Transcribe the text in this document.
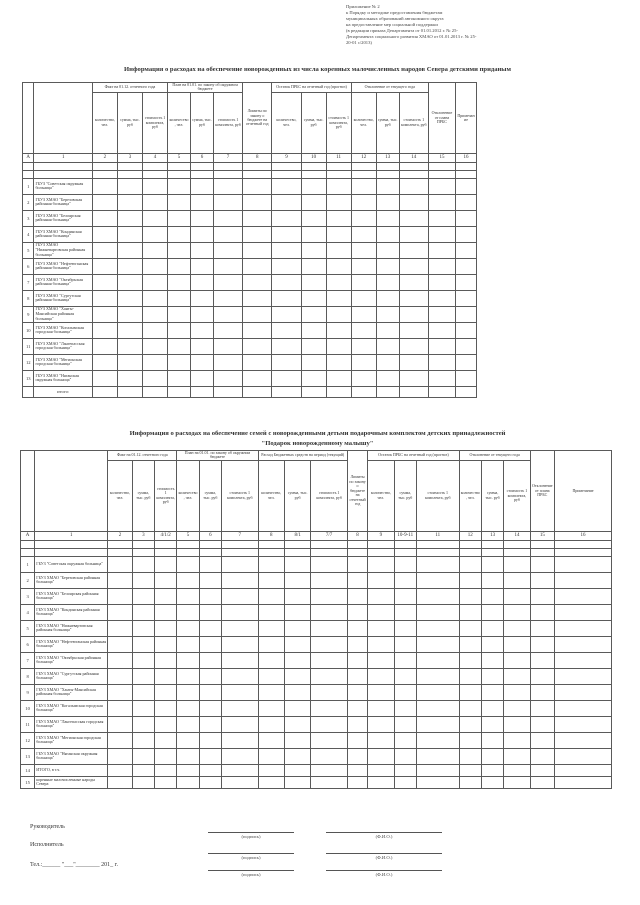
Приложение № 2
к Порядку и методике предоставления бюджетам
муниципальных образований автономного округа
на предоставление мер социальной поддержки
(в редакции приказа Департамента от 01.01.2012 г. № 25-
Департамента социального развития ХМАО от 01.01.2013 г. № 25-
20-01 с/2013)
Информация о расходах на обеспечение новорожденных из числа коренных малочисленных народов Севера детскими приданым
		Факт на 01.12. отчетного года			План на 01.01. по закону об окружном бюджете			Лимиты по закону о бюджете на отчетный год	Остаток ПРБС на отчетный год (прогноз)			Отклонение от текущего года			Отклонение от плана ПРБС	Примечание
		количество, чел.	сумма, тыс. руб	стоимость 1 комплекта, руб	количество, чел.	сумма, тыс. руб	стоимость 1 комплекта, руб		количество, чел.	сумма, тыс. руб	стоимость 1 комплекта, руб	количество, чел.	сумма, тыс. руб	стоимость 1 комплекта, руб		
А	1	2	3	4	5	6	7	8	9	10	11	12	13	14	15	16

1	ГБУЗ "Советская окружная больница"															
2	ГБУЗ ХМАО "Березовская районная больница"															
3	ГБУЗ ХМАО "Белоярская районная больница"															
4	ГБУЗ ХМАО "Кондинская районная больница"															
5	ГБУЗ ХМАО "Нижневартовская районная больница"															
6	ГБУЗ ХМАО "Нефтеюганская районная больница"															
7	ГБУЗ ХМАО "Октябрьская районная больница"															
8	ГБУЗ ХМАО "Сургутская районная больница"															
9	ГБУЗ ХМАО "Ханты-Мансийская районная больница"															
10	ГБУЗ ХМАО "Когалымская городская больница"															
11	ГБУЗ ХМАО "Лангепасская городская больница"															
12	ГБУЗ ХМАО "Мегионская городская больница"															
13	ГБУЗ ХМАО "Няганская окружная больница"															
	итого:															
Информация о расходах на обеспечение семей с новорожденными детьми подарочным комплектом детских принадлежностей
"Подарок новорожденному малышу"
		Факт на 01.12. отчетного года			План на 01.01. по закону об окружном бюджете			Расход Бюджетных средств на период (текущий)			Лимиты по закону о бюджете на отчетный год	Остаток ПРБС на отчетный год (прогноз)			Отклонение от текущего года			Отклонение от плана ПРБС	Примечание
		количество, чел.	сумма, тыс. руб	стоимость 1 комплекта, руб	количество, чел.	сумма, тыс. руб	стоимость 1 комплекта, руб	количество, чел.	сумма, тыс. руб	стоимость 1 комплекта, руб		количество, чел.	сумма, тыс. руб	стоимость 1 комплекта, руб	количество, чел.	сумма, тыс. руб	стоимость 1 комплекта, руб		
А	1	2	3	4/1/2	5	6	7	8	8/1	7/7	8	9	10-9-11	11	12	13	14	15	16

1	ГБУЗ "Советская окружная больница"																		
2	ГБУЗ ХМАО "Березовская районная больница"																		
3	ГБУЗ ХМАО "Белоярская районная больница"																		
4	ГБУЗ ХМАО "Кондинская районная больница"																		
5	ГБУЗ ХМАО "Нижневартовская районная больница"																		
6	ГБУЗ ХМАО "Нефтеюганская районная больница"																		
7	ГБУЗ ХМАО "Октябрьская районная больница"																		
8	ГБУЗ ХМАО "Сургутская районная больница"																		
9	ГБУЗ ХМАО "Ханты-Мансийская районная больница"																		
10	ГБУЗ ХМАО "Когалымская городская больница"																		
11	ГБУЗ ХМАО "Лангепасская городская больница"																		
12	ГБУЗ ХМАО "Мегионская городская больница"																		
13	ГБУЗ ХМАО "Няганская окружная больница"																		
14	ИТОГО, в т.ч.																		
15	коренные малочисленные народы Севера																		
Руководитель
(подпись)	(Ф.И.О.)
Исполнитель
(подпись)	(Ф.И.О.)
Тел.:______ "___"________ 201_ г.
(подпись)	(Ф.И.О.)
